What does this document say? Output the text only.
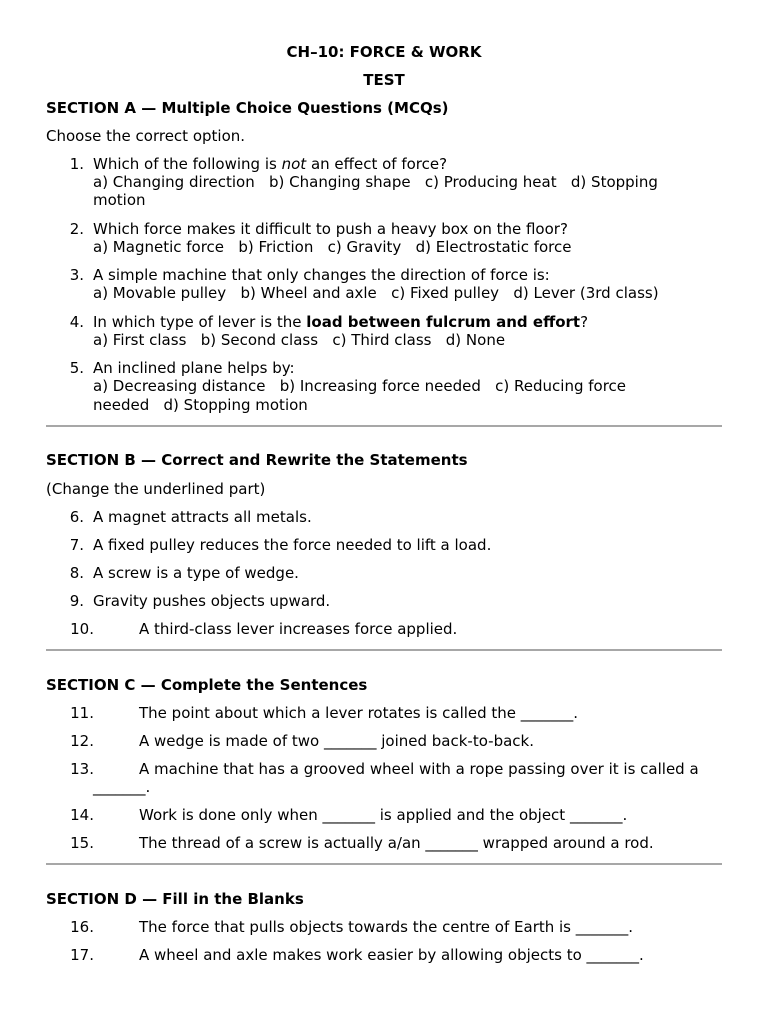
CH–10: FORCE & WORK
TEST
SECTION A — Multiple Choice Questions (MCQs)
Choose the correct option.
1. Which of the following is not an effect of force?
a) Changing direction   b) Changing shape   c) Producing heat   d) Stopping
motion
2. Which force makes it difficult to push a heavy box on the floor?
a) Magnetic force   b) Friction   c) Gravity   d) Electrostatic force
3. A simple machine that only changes the direction of force is:
a) Movable pulley   b) Wheel and axle   c) Fixed pulley   d) Lever (3rd class)
4. In which type of lever is the load between fulcrum and effort?
a) First class   b) Second class   c) Third class   d) None
5. An inclined plane helps by:
a) Decreasing distance   b) Increasing force needed   c) Reducing force
needed   d) Stopping motion
SECTION B — Correct and Rewrite the Statements
(Change the underlined part)
6. A magnet attracts all metals.
7. A fixed pulley reduces the force needed to lift a load.
8. A screw is a type of wedge.
9. Gravity pushes objects upward.
10.	A third-class lever increases force applied.
SECTION C — Complete the Sentences
11.	The point about which a lever rotates is called the _______.
12.	A wedge is made of two _______ joined back-to-back.
13.	A machine that has a grooved wheel with a rope passing over it is called a
_______.
14.	Work is done only when _______ is applied and the object _______.
15.	The thread of a screw is actually a/an _______ wrapped around a rod.
SECTION D — Fill in the Blanks
16.	The force that pulls objects towards the centre of Earth is _______.
17.	A wheel and axle makes work easier by allowing objects to _______.
